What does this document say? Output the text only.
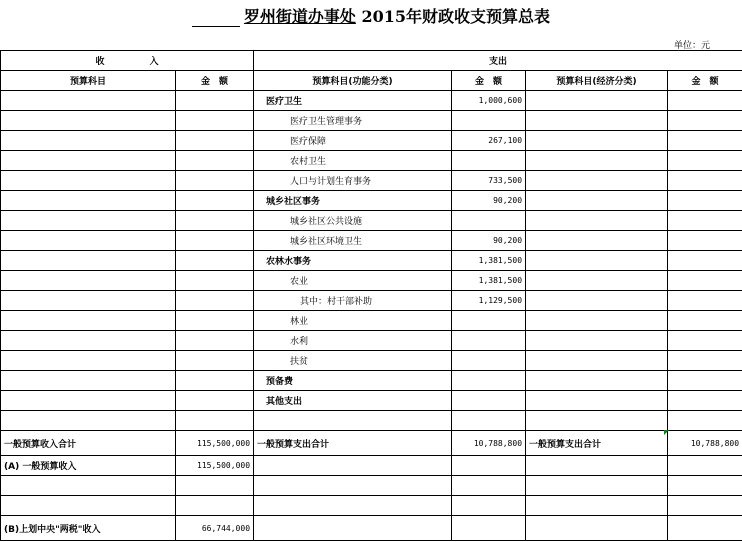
罗州街道办事处 2015年财政收支预算总表
单位：元
收　　　　　入		支出			
预算科目	金　额	预算科目(功能分类)	金　额	预算科目(经济分类)	金　额
		医疗卫生	1,000,600		
		医疗卫生管理事务			
		医疗保障	267,100		
		农村卫生			
		人口与计划生育事务	733,500		
		城乡社区事务	90,200		
		城乡社区公共设施			
		城乡社区环境卫生	90,200		
		农林水事务	1,381,500		
		农业	1,381,500		
		其中：村干部补助	1,129,500		
		林业			
		水利			
		扶贫			
		预备费			
		其他支出			

一般预算收入合计	115,500,000	一般预算支出合计	10,788,800	一般预算支出合计	10,788,800
(A) 一般预算收入	115,500,000				

(B)上划中央"两税"收入	66,744,000				
